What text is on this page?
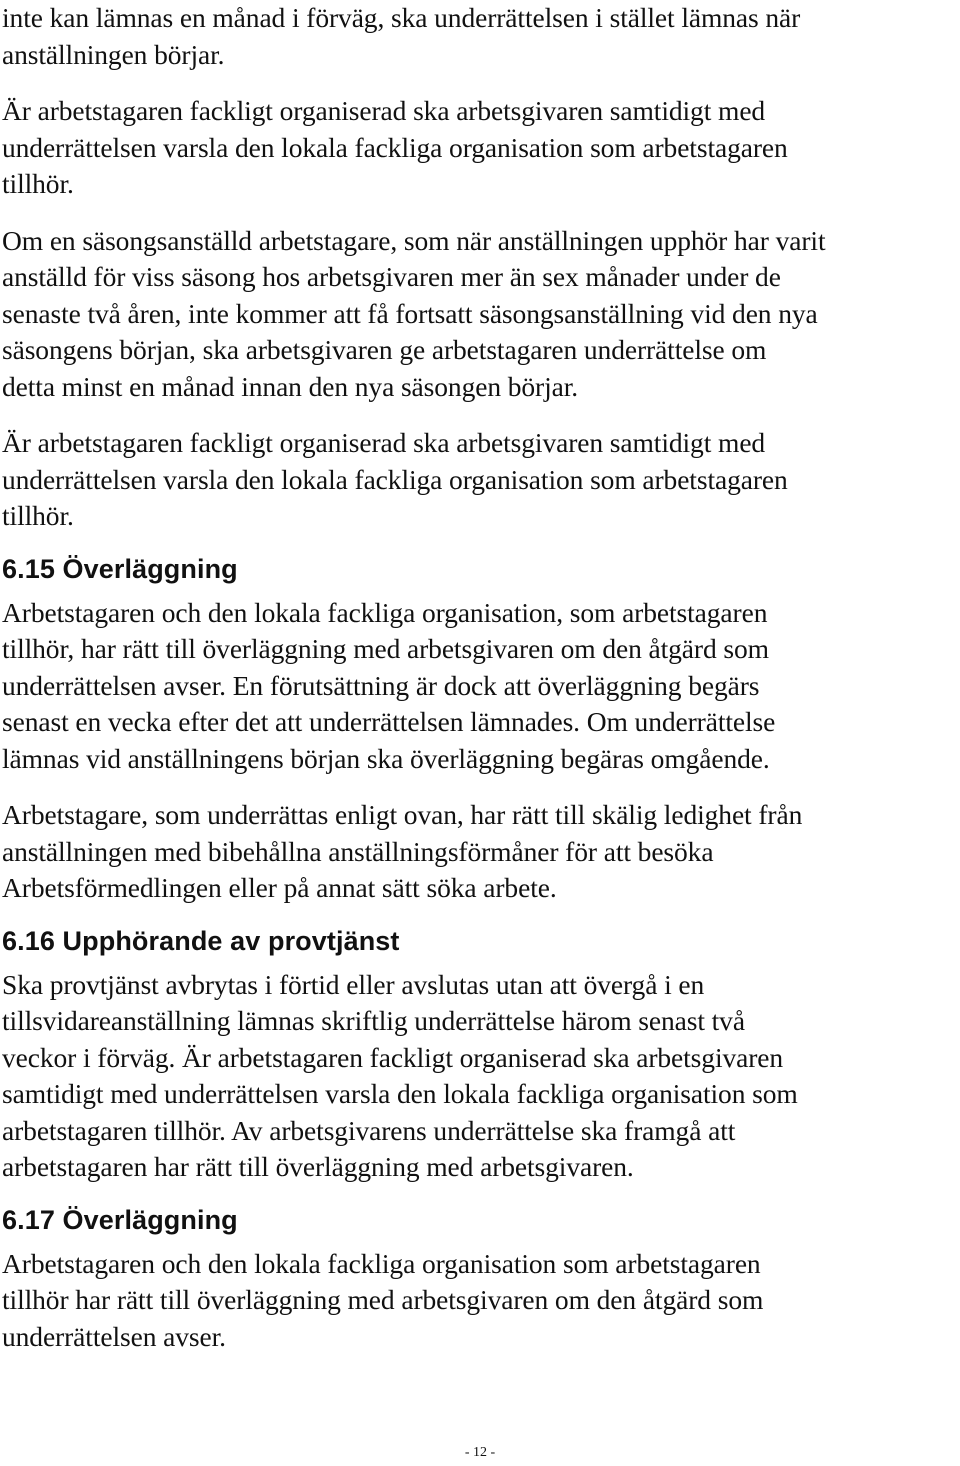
inte kan lämnas en månad i förväg, ska underrättelsen i stället lämnas när
anställningen börjar.

Är arbetstagaren fackligt organiserad ska arbetsgivaren samtidigt med
underrättelsen varsla den lokala fackliga organisation som arbetstagaren
tillhör.

Om en säsongsanställd arbetstagare, som när anställningen upphör har varit
anställd för viss säsong hos arbetsgivaren mer än sex månader under de
senaste två åren, inte kommer att få fortsatt säsongsanställning vid den nya
säsongens början, ska arbetsgivaren ge arbetstagaren underrättelse om
detta minst en månad innan den nya säsongen börjar.

Är arbetstagaren fackligt organiserad ska arbetsgivaren samtidigt med
underrättelsen varsla den lokala fackliga organisation som arbetstagaren
tillhör.

6.15 Överläggning

Arbetstagaren och den lokala fackliga organisation, som arbetstagaren
tillhör, har rätt till överläggning med arbetsgivaren om den åtgärd som
underrättelsen avser. En förutsättning är dock att överläggning begärs
senast en vecka efter det att underrättelsen lämnades. Om underrättelse
lämnas vid anställningens början ska överläggning begäras omgående.

Arbetstagare, som underrättas enligt ovan, har rätt till skälig ledighet från
anställningen med bibehållna anställningsförmåner för att besöka
Arbetsförmedlingen eller på annat sätt söka arbete.

6.16 Upphörande av provtjänst

Ska provtjänst avbrytas i förtid eller avslutas utan att övergå i en
tillsvidareanställning lämnas skriftlig underrättelse härom senast två
veckor i förväg. Är arbetstagaren fackligt organiserad ska arbetsgivaren
samtidigt med underrättelsen varsla den lokala fackliga organisation som
arbetstagaren tillhör. Av arbetsgivarens underrättelse ska framgå att
arbetstagaren har rätt till överläggning med arbetsgivaren.

6.17 Överläggning

Arbetstagaren och den lokala fackliga organisation som arbetstagaren
tillhör har rätt till överläggning med arbetsgivaren om den åtgärd som
underrättelsen avser.

- 12 -
